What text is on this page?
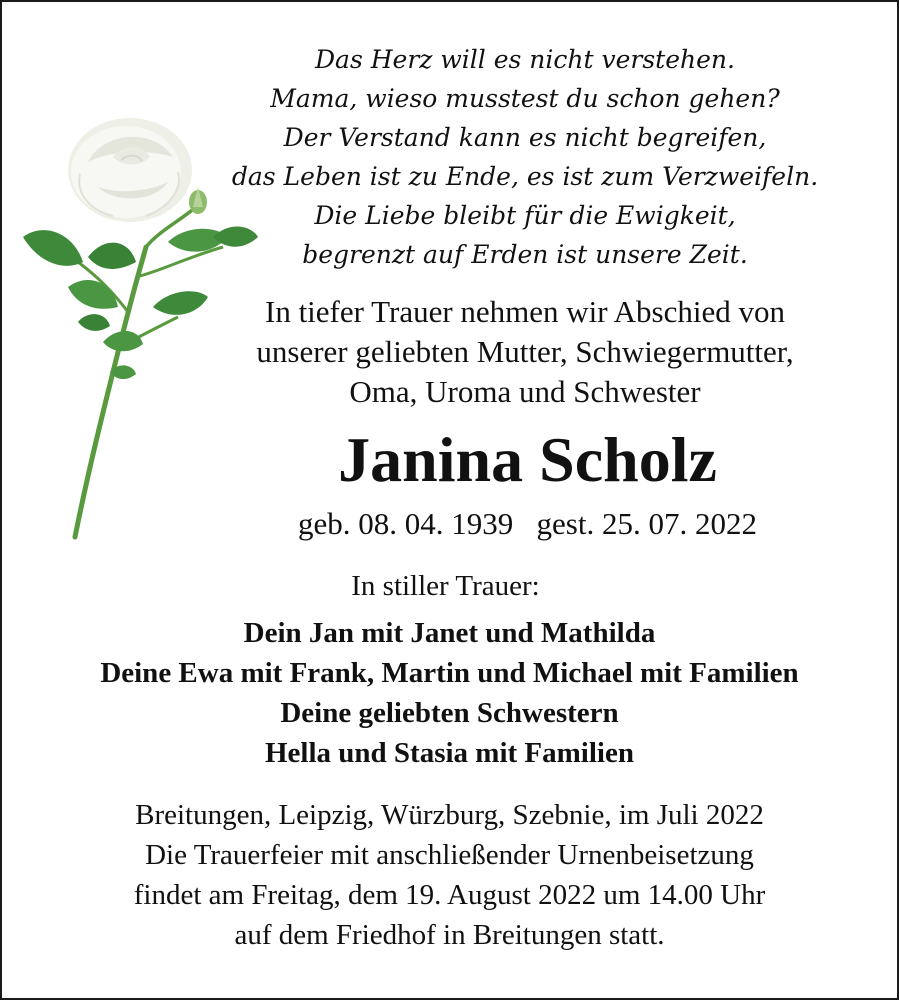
Das Herz will es nicht verstehen.
Mama, wieso musstest du schon gehen?
Der Verstand kann es nicht begreifen,
das Leben ist zu Ende, es ist zum Verzweifeln.
Die Liebe bleibt für die Ewigkeit,
begrenzt auf Erden ist unsere Zeit.
In tiefer Trauer nehmen wir Abschied von
unserer geliebten Mutter, Schwiegermutter,
Oma, Uroma und Schwester
Janina Scholz
geb. 08. 04. 1939   gest. 25. 07. 2022
In stiller Trauer:
Dein Jan mit Janet und Mathilda
Deine Ewa mit Frank, Martin und Michael mit Familien
Deine geliebten Schwestern
Hella und Stasia mit Familien
Breitungen, Leipzig, Würzburg, Szebnie, im Juli 2022
Die Trauerfeier mit anschließender Urnenbeisetzung
findet am Freitag, dem 19. August 2022 um 14.00 Uhr
auf dem Friedhof in Breitungen statt.
